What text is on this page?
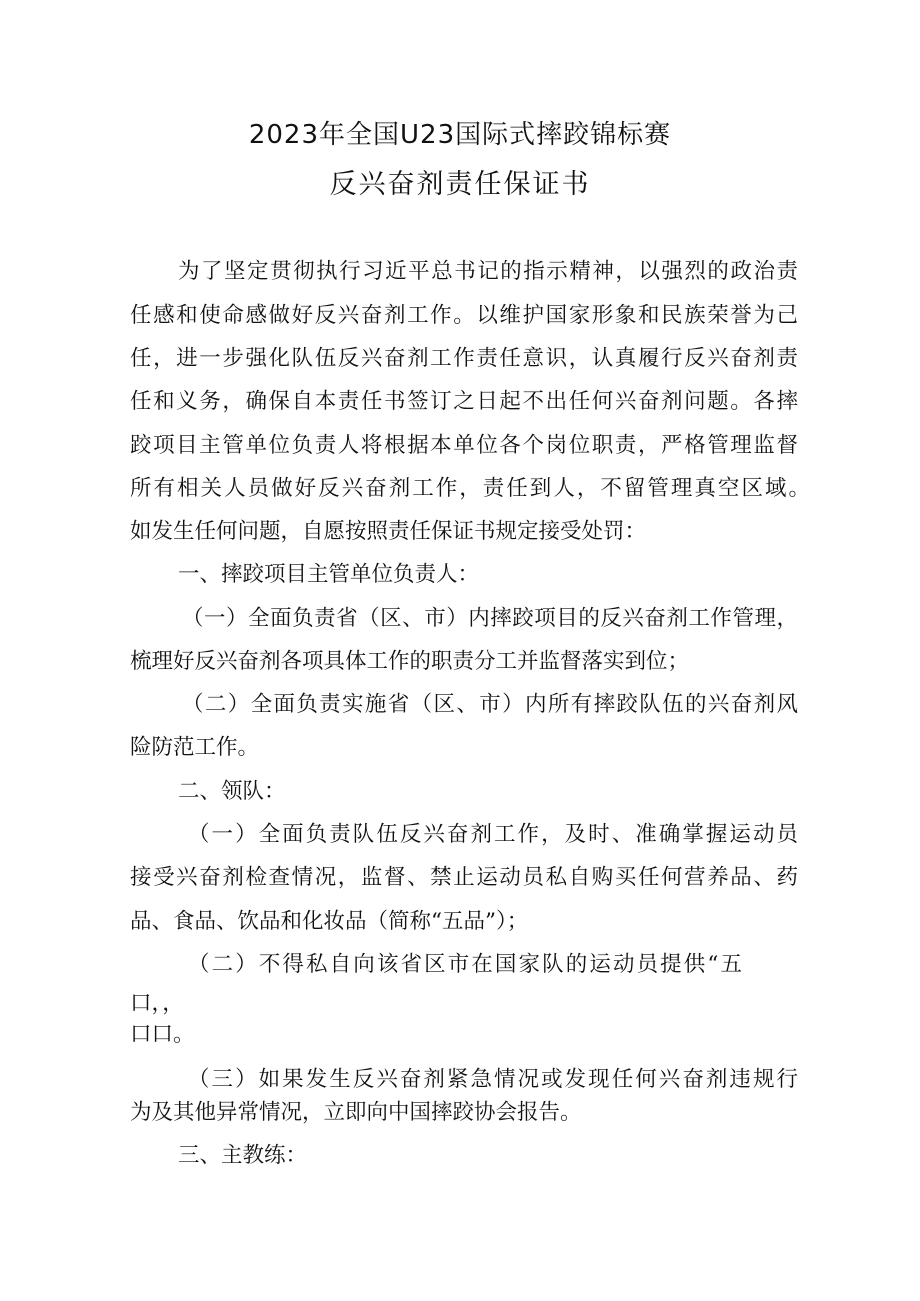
2023年全国U23国际式摔跤锦标赛
反兴奋剂责任保证书
为了坚定贯彻执行习近平总书记的指示精神，以强烈的政治责
任感和使命感做好反兴奋剂工作。以维护国家形象和民族荣誉为己
任，进一步强化队伍反兴奋剂工作责任意识，认真履行反兴奋剂责
任和义务，确保自本责任书签订之日起不出任何兴奋剂问题。各摔
跤项目主管单位负责人将根据本单位各个岗位职责，严格管理监督
所有相关人员做好反兴奋剂工作，责任到人，不留管理真空区域。
如发生任何问题，自愿按照责任保证书规定接受处罚：
一、摔跤项目主管单位负责人：
（一）全面负责省（区、市）内摔跤项目的反兴奋剂工作管理，
梳理好反兴奋剂各项具体工作的职责分工并监督落实到位；
（二）全面负责实施省（区、市）内所有摔跤队伍的兴奋剂风
险防范工作。
二、领队：
（一）全面负责队伍反兴奋剂工作，及时、准确掌握运动员
接受兴奋剂检查情况，监督、禁止运动员私自购买任何营养品、药
品、食品、饮品和化妆品（简称“五品”）；
（二）不得私自向该省区市在国家队的运动员提供“五
口，，
口口。
（三）如果发生反兴奋剂紧急情况或发现任何兴奋剂违规行
为及其他异常情况，立即向中国摔跤协会报告。
三、主教练：
